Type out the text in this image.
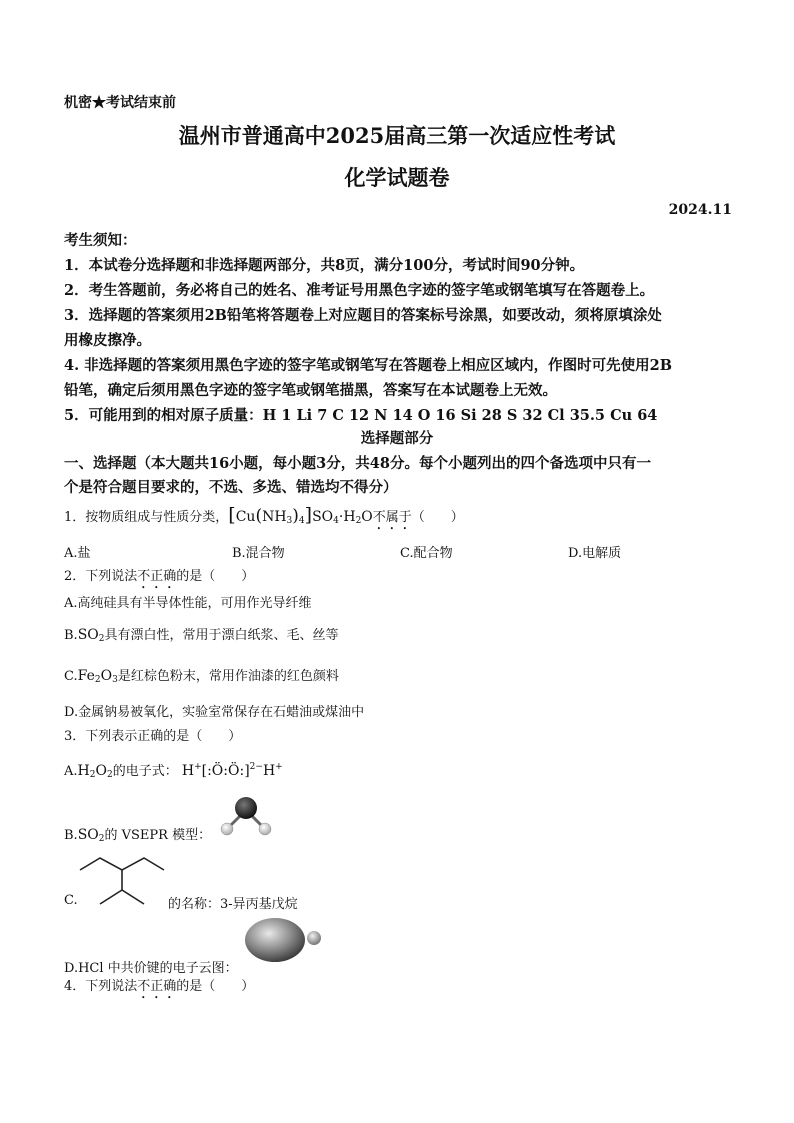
机密★考试结束前
温州市普通高中2025届高三第一次适应性考试
化学试题卷
2024.11
考生须知：
1．本试卷分选择题和非选择题两部分，共8页，满分100分，考试时间90分钟。
2．考生答题前，务必将自己的姓名、准考证号用黑色字迹的签字笔或钢笔填写在答题卷上。
3．选择题的答案须用2B铅笔将答题卷上对应题目的答案标号涂黑，如要改动，须将原填涂处
用橡皮擦净。
4. 非选择题的答案须用黑色字迹的签字笔或钢笔写在答题卷上相应区域内，作图时可先使用2B
铅笔，确定后须用黑色字迹的签字笔或钢笔描黑，答案写在本试题卷上无效。
5．可能用到的相对原子质量：H 1 Li 7 C 12 N 14 O 16 Si 28 S 32 Cl 35.5 Cu 64
选择题部分
一、选择题（本大题共16小题，每小题3分，共48分。每个小题列出的四个备选项中只有一
个是符合题目要求的，不选、多选、错选均不得分）
1．按物质组成与性质分类，$[Cu(NH_3)_4]SO_4\cdot H_2O$不属于（　　）
A.盐	B.混合物	C.配合物	D.电解质
2．下列说法不正确的是（　　）
A.高纯硅具有半导体性能，可用作光导纤维
$B.SO_2$具有漂白性，常用于漂白纸浆、毛、丝等
$C.Fe_2O_3$是红棕色粉末，常用作油漆的红色颜料
D.金属钠易被氧化，实验室常保存在石蜡油或煤油中
3．下列表示正确的是（　　）
$A.H_2O_2$的电子式： H+[:Ö:Ö:]$^{2-}$H+
$B.SO_2$的 VSEPR 模型：
C.	的名称：3-异丙基戊烷
D.HCl 中共价键的电子云图：
4．下列说法不正确的是（　　）
